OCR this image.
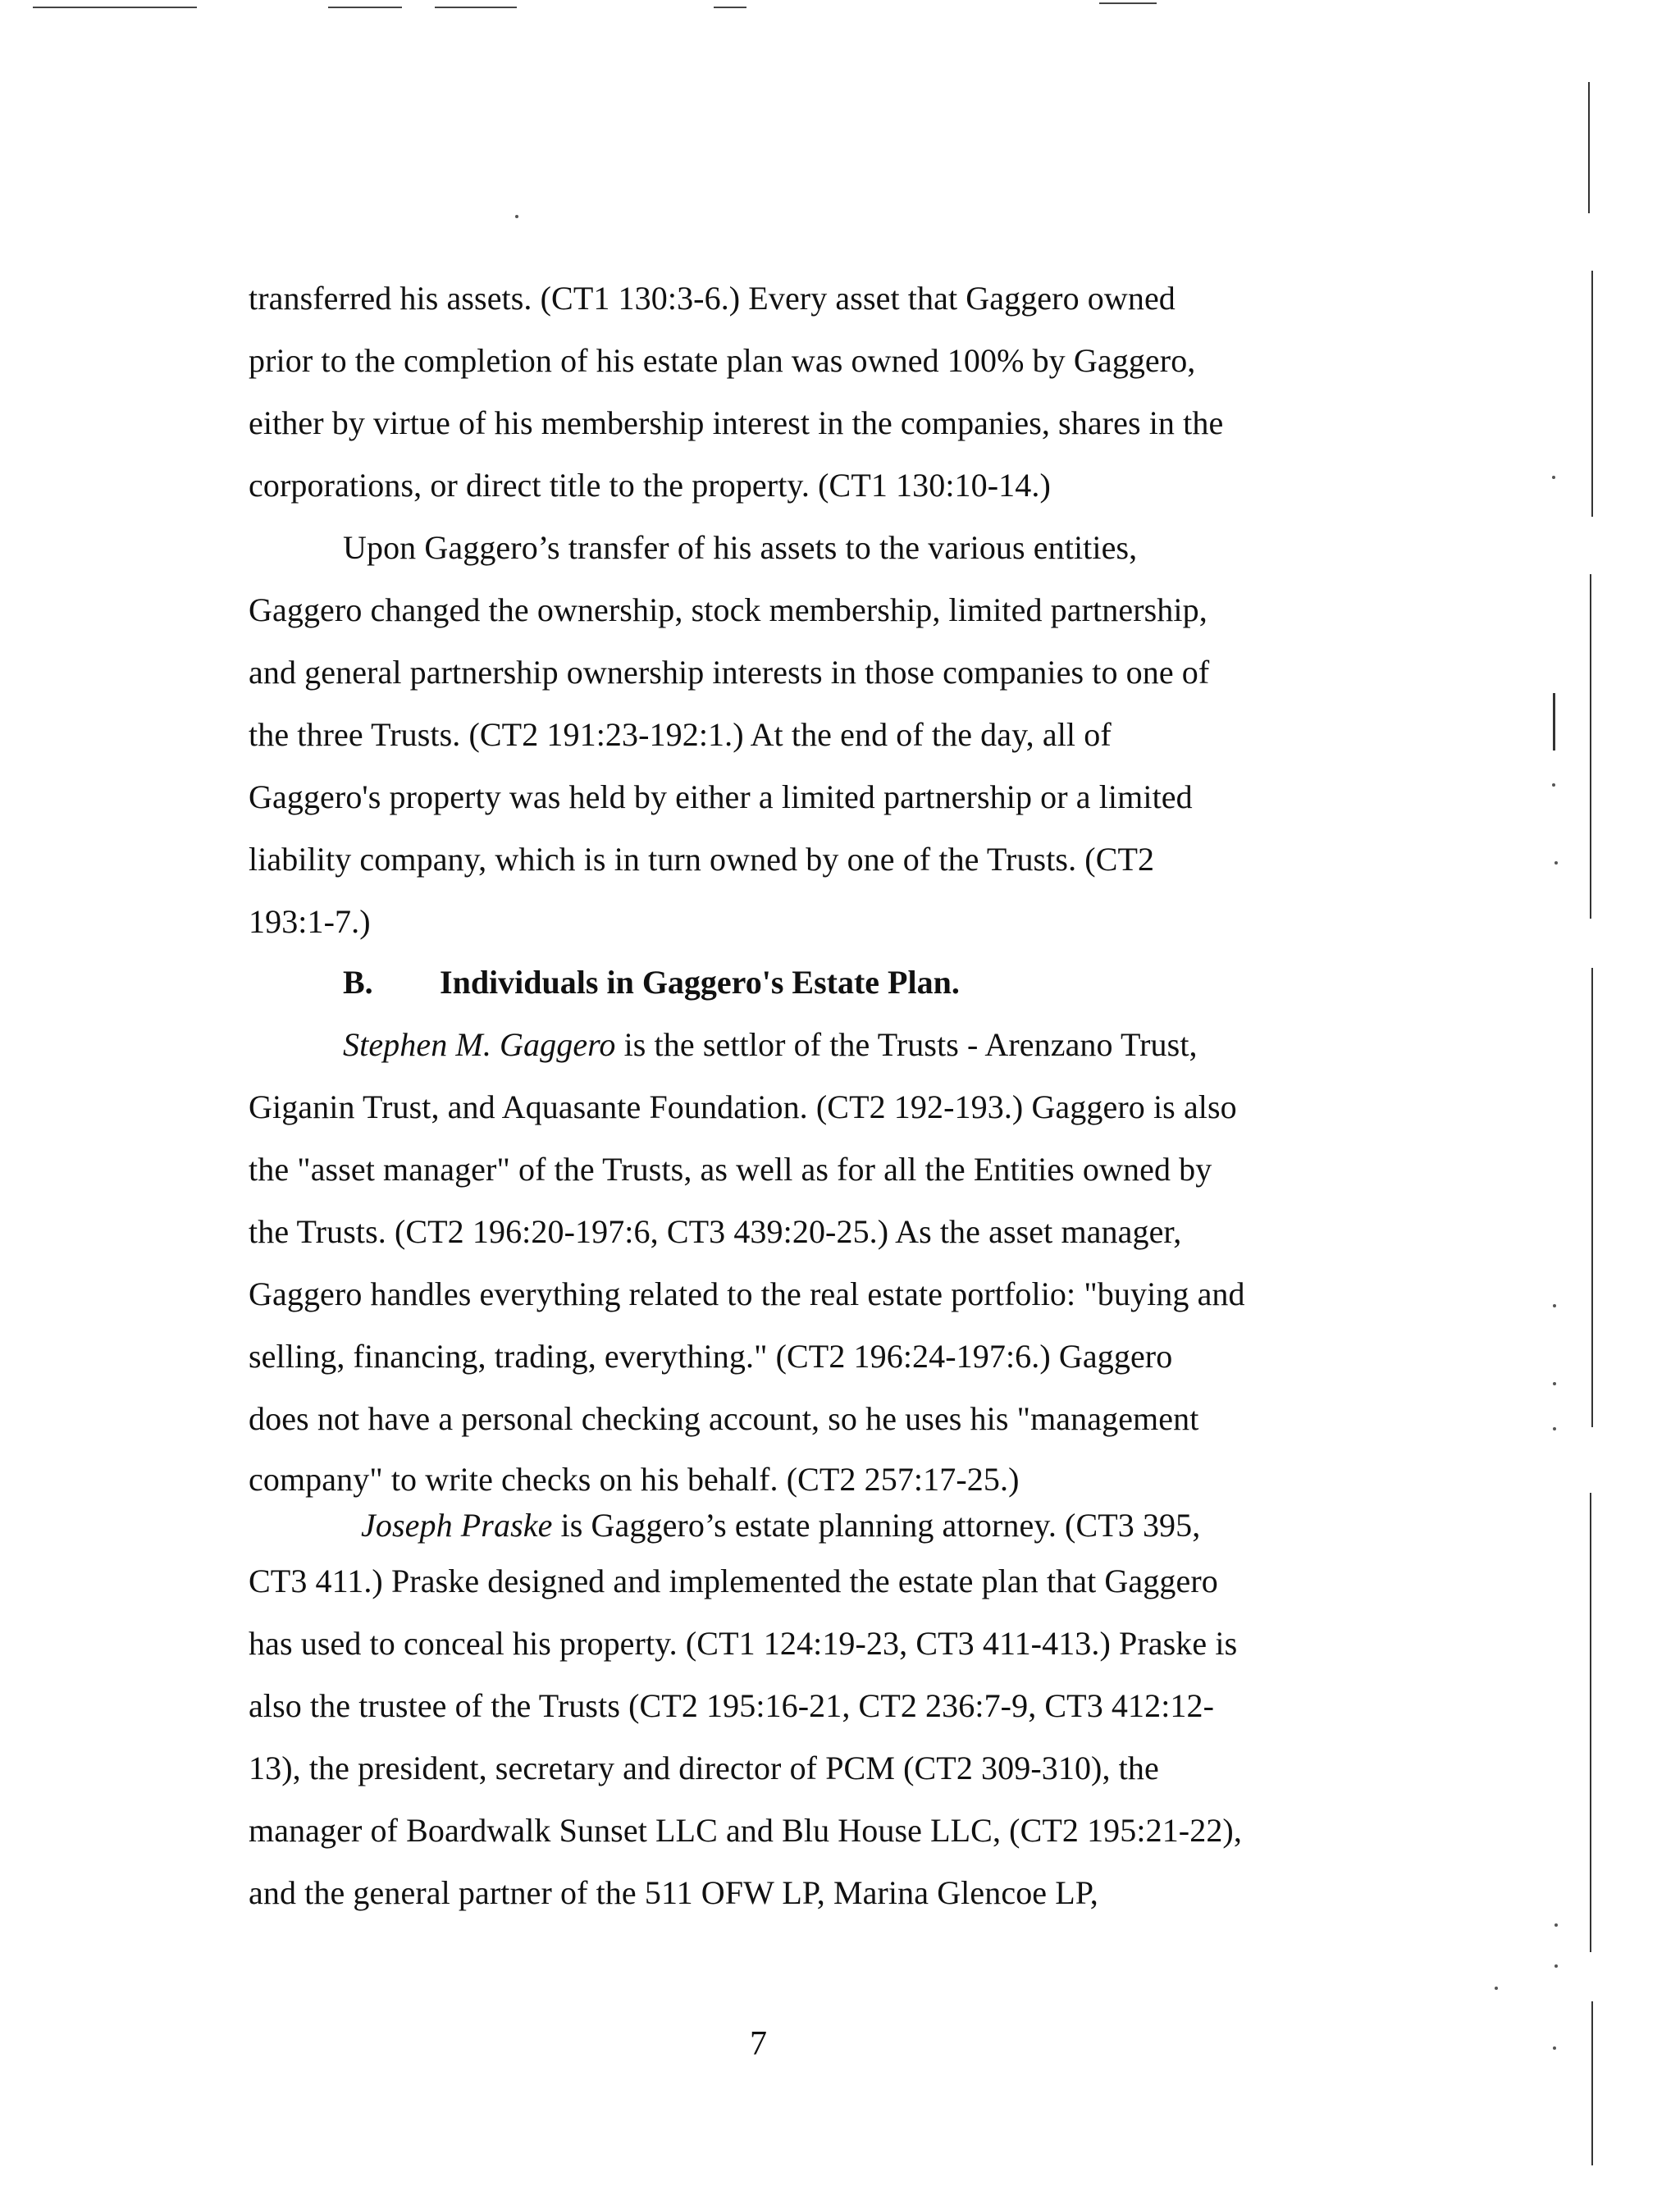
transferred his assets. (CT1 130:3-6.) Every asset that Gaggero owned
prior to the completion of his estate plan was owned 100% by Gaggero,
either by virtue of his membership interest in the companies, shares in the
corporations, or direct title to the property. (CT1 130:10-14.)
Upon Gaggero’s transfer of his assets to the various entities,
Gaggero changed the ownership, stock membership, limited partnership,
and general partnership ownership interests in those companies to one of
the three Trusts. (CT2 191:23-192:1.) At the end of the day, all of
Gaggero's property was held by either a limited partnership or a limited
liability company, which is in turn owned by one of the Trusts. (CT2
193:1-7.)
B. Individuals in Gaggero's Estate Plan.
Stephen M. Gaggero is the settlor of the Trusts - Arenzano Trust,
Giganin Trust, and Aquasante Foundation. (CT2 192-193.) Gaggero is also
the "asset manager" of the Trusts, as well as for all the Entities owned by
the Trusts. (CT2 196:20-197:6, CT3 439:20-25.) As the asset manager,
Gaggero handles everything related to the real estate portfolio: "buying and
selling, financing, trading, everything." (CT2 196:24-197:6.) Gaggero
does not have a personal checking account, so he uses his "management
company" to write checks on his behalf. (CT2 257:17-25.)
Joseph Praske is Gaggero’s estate planning attorney. (CT3 395,
CT3 411.) Praske designed and implemented the estate plan that Gaggero
has used to conceal his property. (CT1 124:19-23, CT3 411-413.) Praske is
also the trustee of the Trusts (CT2 195:16-21, CT2 236:7-9, CT3 412:12-
13), the president, secretary and director of PCM (CT2 309-310), the
manager of Boardwalk Sunset LLC and Blu House LLC, (CT2 195:21-22),
and the general partner of the 511 OFW LP, Marina Glencoe LP,
7
